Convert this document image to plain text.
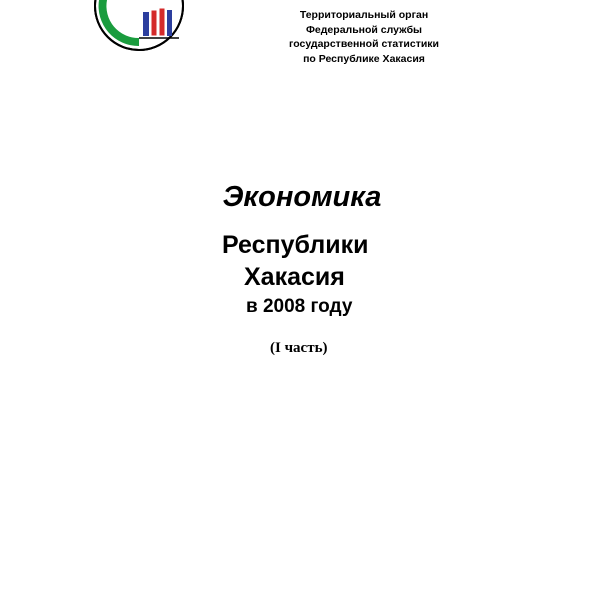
Территориальный орган
Федеральной службы
государственной статистики
по Республике Хакасия
Экономика
Республики
Хакасия
в 2008 году
(I часть)
